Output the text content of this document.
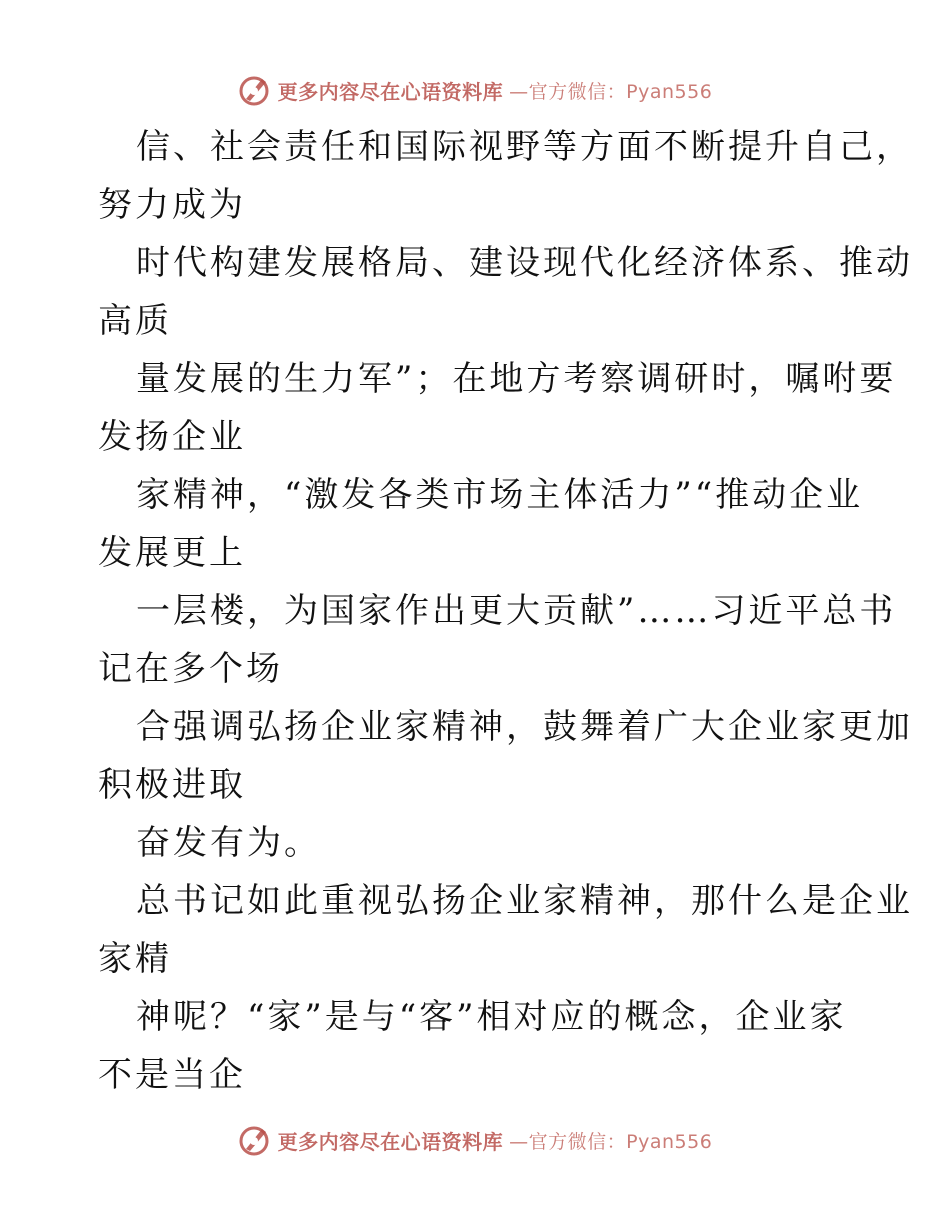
更多内容尽在心语资料库 —官方微信：Pyan556
信、社会责任和国际视野等方面不断提升自己，
努力成为
时代构建发展格局、建设现代化经济体系、推动
高质
量发展的生力军”；在地方考察调研时，嘱咐要
发扬企业
家精神，“激发各类市场主体活力”“推动企业
发展更上
一层楼，为国家作出更大贡献”……习近平总书
记在多个场
合强调弘扬企业家精神，鼓舞着广大企业家更加
积极进取
奋发有为。
总书记如此重视弘扬企业家精神，那什么是企业
家精
神呢？“家”是与“客”相对应的概念，企业家
不是当企
更多内容尽在心语资料库 —官方微信：Pyan556
